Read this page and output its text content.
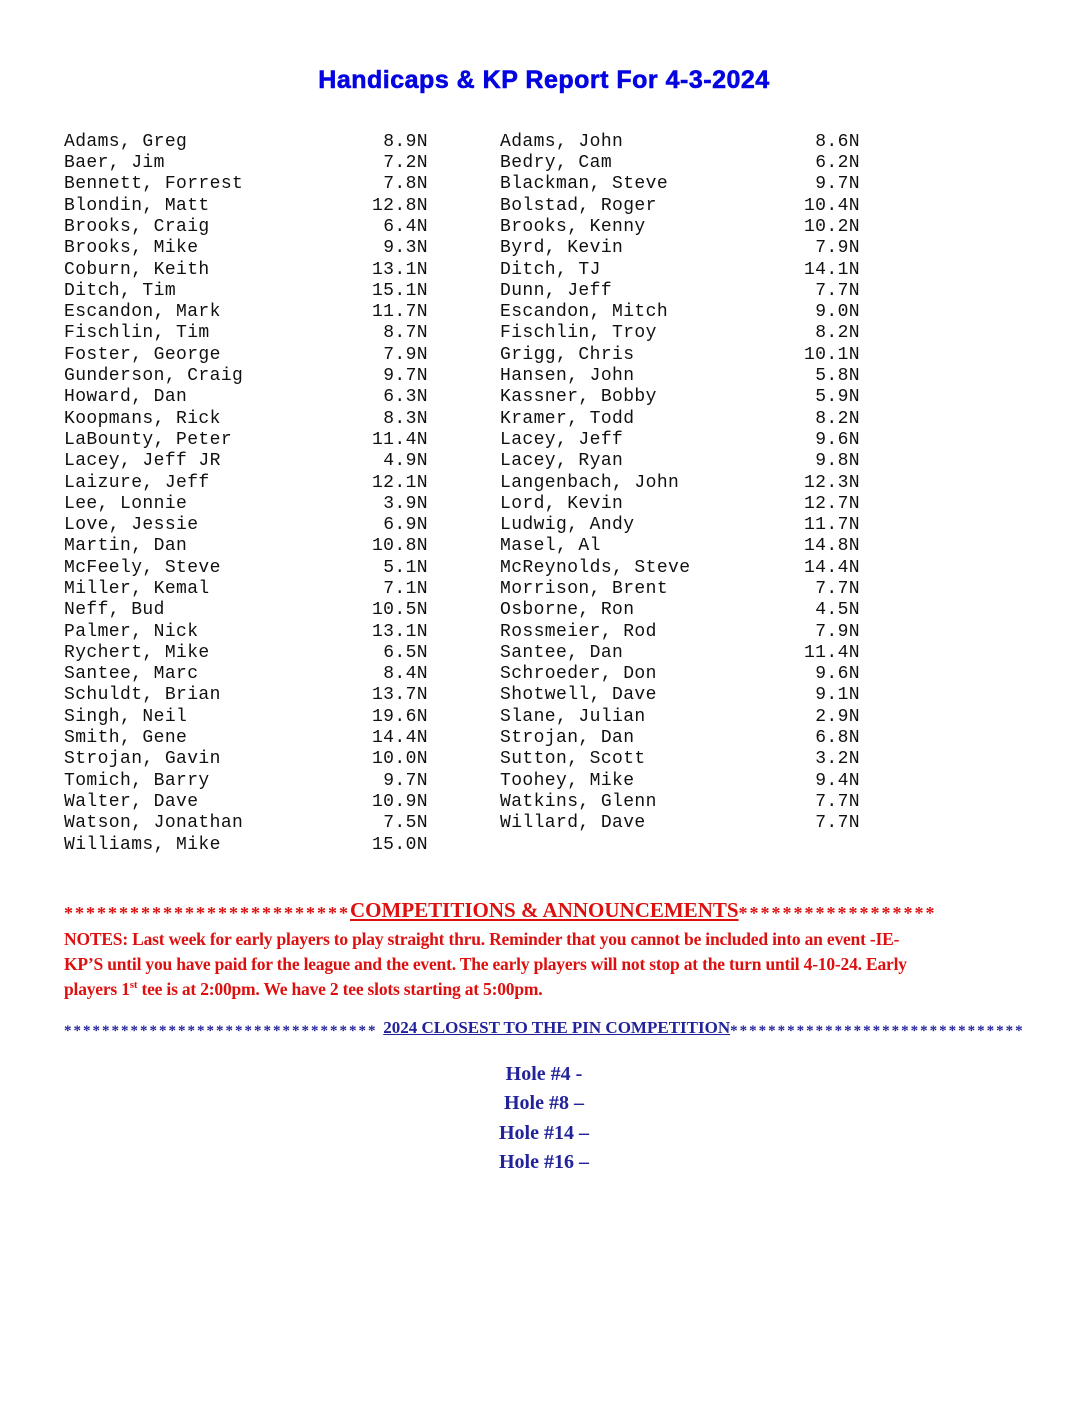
Handicaps & KP Report For 4-3-2024
Adams, Greg	8.9N	Adams, John	8.6N
Baer, Jim	7.2N	Bedry, Cam	6.2N
Bennett, Forrest	7.8N	Blackman, Steve	9.7N
Blondin, Matt	12.8N	Bolstad, Roger	10.4N
Brooks, Craig	6.4N	Brooks, Kenny	10.2N
Brooks, Mike	9.3N	Byrd, Kevin	7.9N
Coburn, Keith	13.1N	Ditch, TJ	14.1N
Ditch, Tim	15.1N	Dunn, Jeff	7.7N
Escandon, Mark	11.7N	Escandon, Mitch	9.0N
Fischlin, Tim	8.7N	Fischlin, Troy	8.2N
Foster, George	7.9N	Grigg, Chris	10.1N
Gunderson, Craig	9.7N	Hansen, John	5.8N
Howard, Dan	6.3N	Kassner, Bobby	5.9N
Koopmans, Rick	8.3N	Kramer, Todd	8.2N
LaBounty, Peter	11.4N	Lacey, Jeff	9.6N
Lacey, Jeff JR	4.9N	Lacey, Ryan	9.8N
Laizure, Jeff	12.1N	Langenbach, John	12.3N
Lee, Lonnie	3.9N	Lord, Kevin	12.7N
Love, Jessie	6.9N	Ludwig, Andy	11.7N
Martin, Dan	10.8N	Masel, Al	14.8N
McFeely, Steve	5.1N	McReynolds, Steve	14.4N
Miller, Kemal	7.1N	Morrison, Brent	7.7N
Neff, Bud	10.5N	Osborne, Ron	4.5N
Palmer, Nick	13.1N	Rossmeier, Rod	7.9N
Rychert, Mike	6.5N	Santee, Dan	11.4N
Santee, Marc	8.4N	Schroeder, Don	9.6N
Schuldt, Brian	13.7N	Shotwell, Dave	9.1N
Singh, Neil	19.6N	Slane, Julian	2.9N
Smith, Gene	14.4N	Strojan, Dan	6.8N
Strojan, Gavin	10.0N	Sutton, Scott	3.2N
Tomich, Barry	9.7N	Toohey, Mike	9.4N
Walter, Dave	10.9N	Watkins, Glenn	7.7N
Watson, Jonathan	7.5N	Willard, Dave	7.7N
Williams, Mike	15.0N
**************************COMPETITIONS & ANNOUNCEMENTS******************
NOTES: Last week for early players to play straight thru. Reminder that you cannot be included into an event -IE-
KP’S until you have paid for the league and the event. The early players will not stop at the turn until 4-10-24. Early
players 1st tee is at 2:00pm. We have 2 tee slots starting at 5:00pm.
********************************* 2024 CLOSEST TO THE PIN COMPETITION*******************************
Hole #4 -
Hole #8 –
Hole #14 –
Hole #16 –
